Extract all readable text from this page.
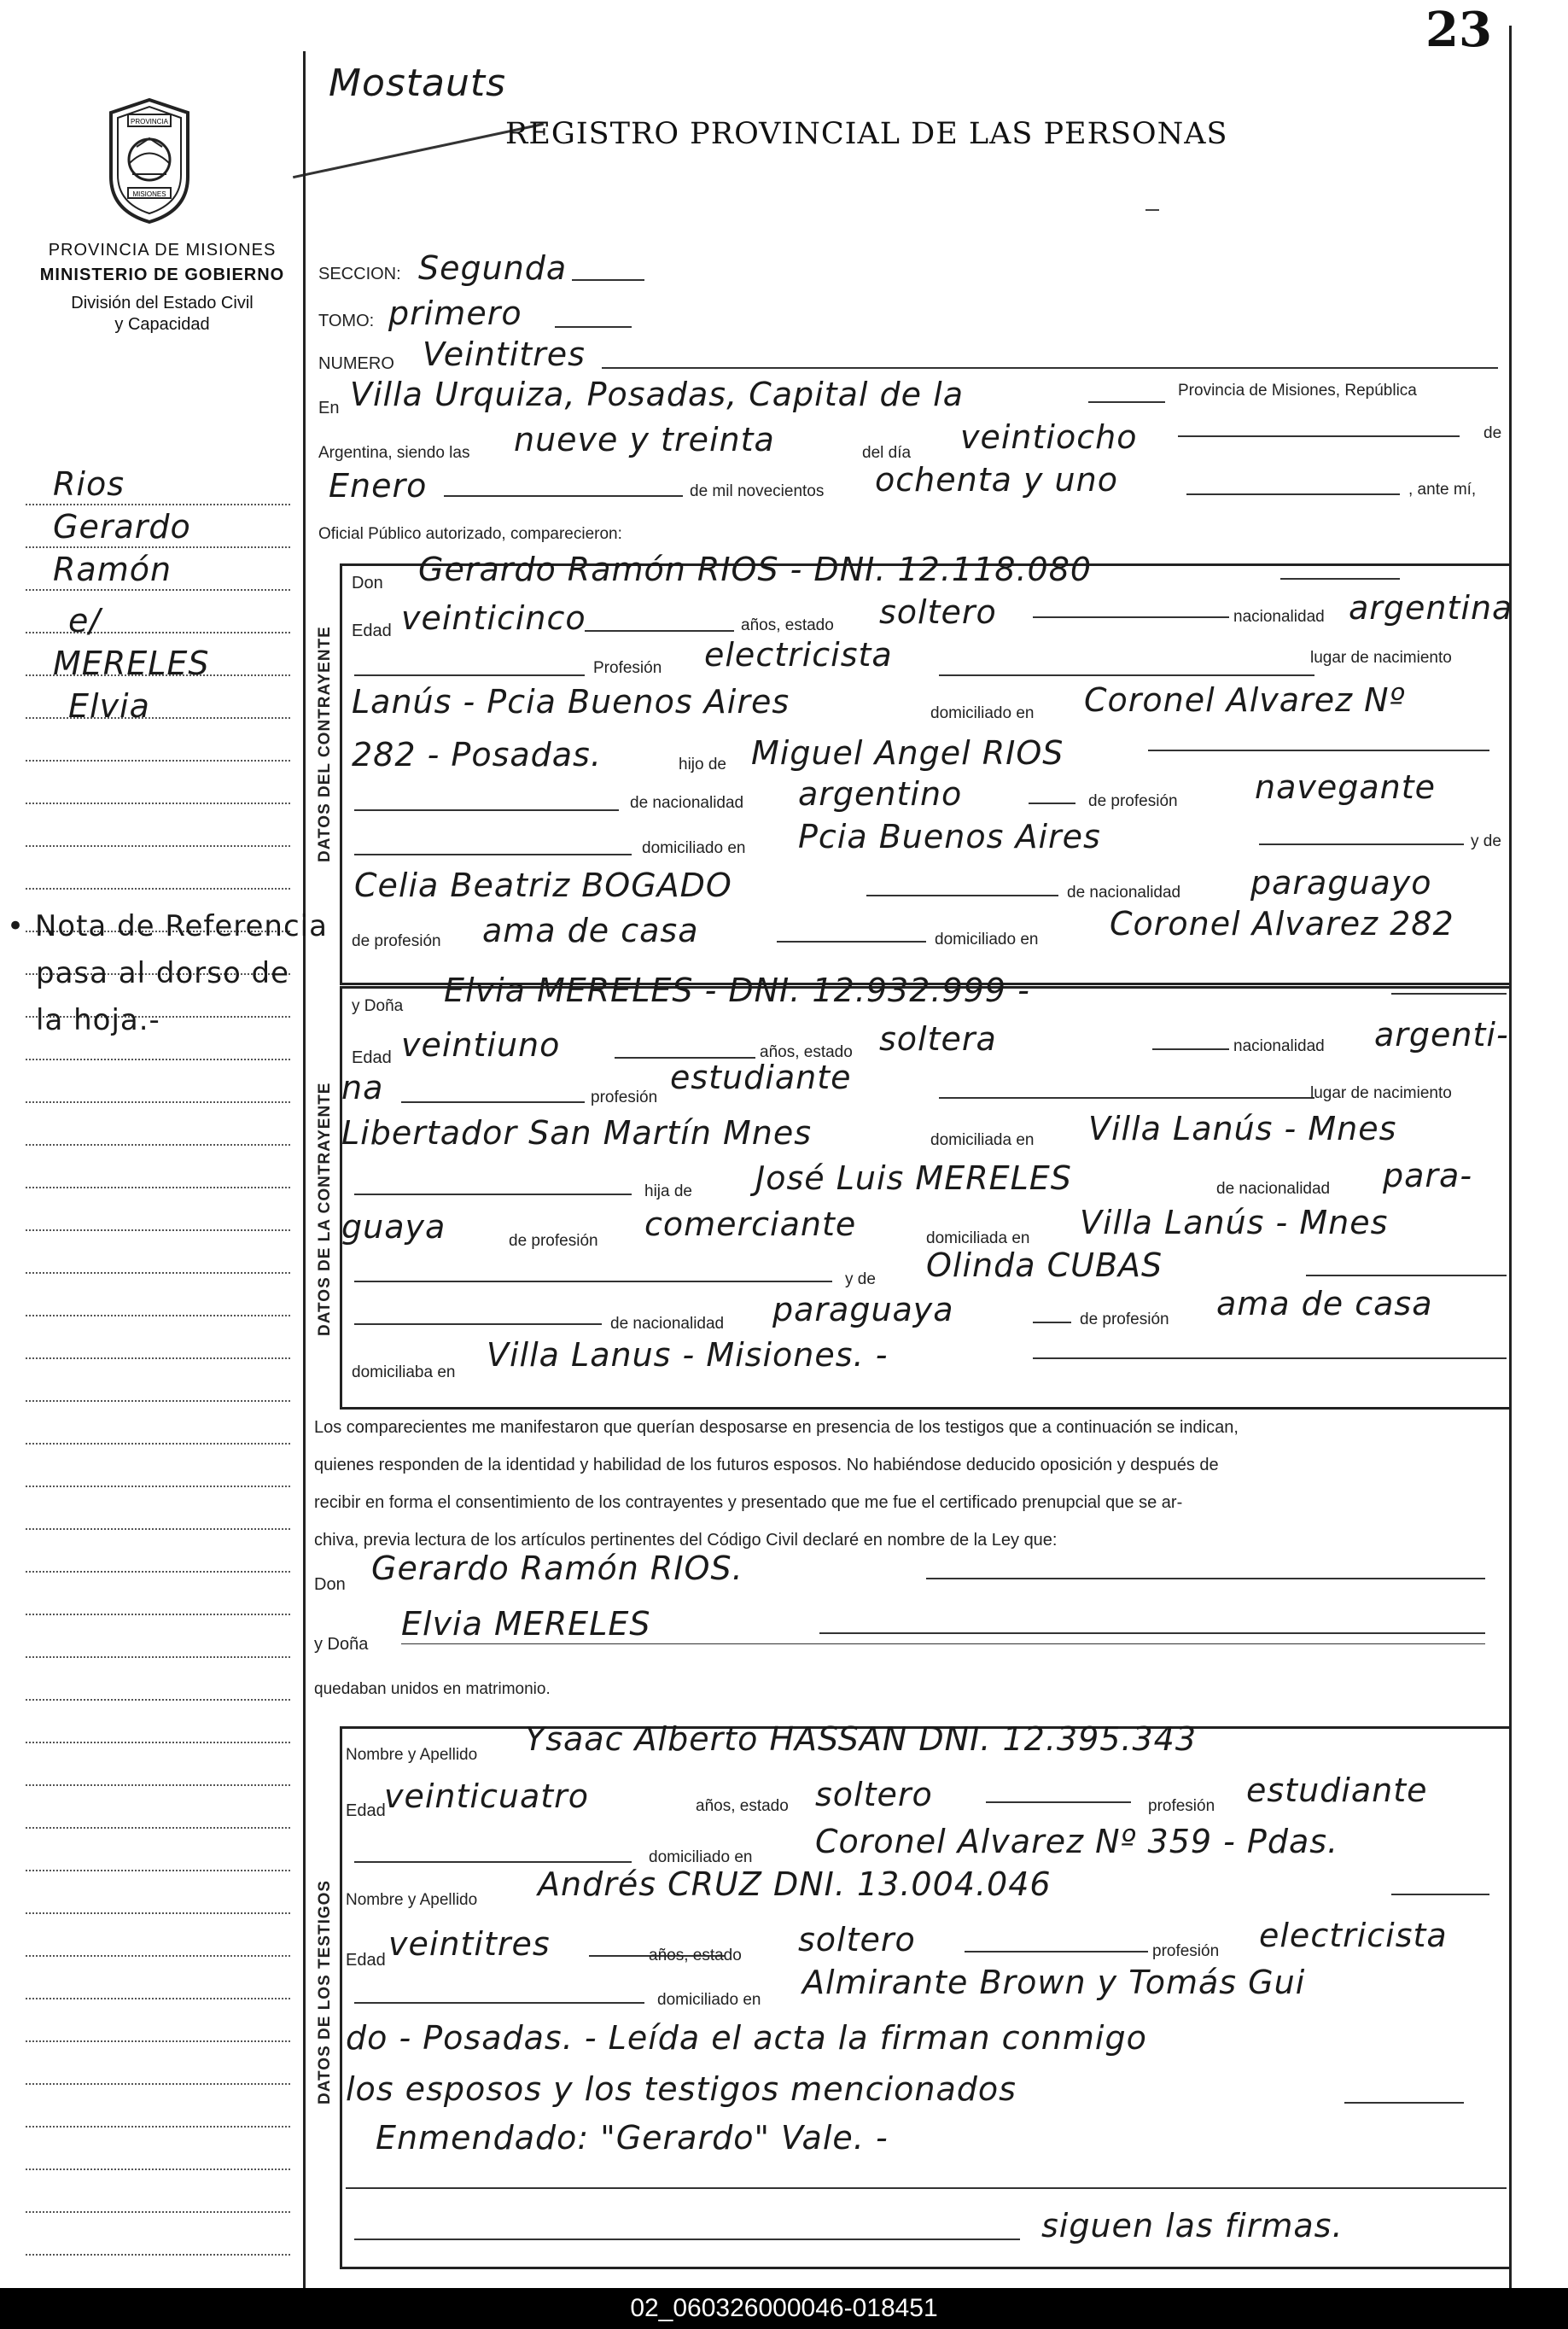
23
Mostauts
REGISTRO PROVINCIAL DE LAS PERSONAS
PROVINCIA
MISIONES
PROVINCIA DE MISIONES
MINISTERIO DE GOBIERNO
División del Estado Civil
y Capacidad
Rios
Gerardo
Ramón
e/
MERELES
Elvia
• Nota de Referencia
pasa al dorso de
la hoja.-
SECCION: Segunda
TOMO: primero
NUMERO Veintitres
En Villa Urquiza, Posadas, Capital de la	Provincia de Misiones, República
Argentina, siendo las nueve y treinta	del día veintiocho	de
Enero	de mil novecientos ochenta y uno	, ante mí,
Oficial Público autorizado, comparecieron:
DATOS DEL CONTRAYENTE
Don Gerardo Ramón RIOS - DNI. 12.118.080
Edad veinticinco	años, estado soltero	nacionalidad argentina
Profesión electricista	lugar de nacimiento
Lanús - Pcia Buenos Aires	domiciliado en Coronel Alvarez Nº
282 - Posadas.	hijo de Miguel Angel RIOS
de nacionalidad argentino	de profesión navegante
domiciliado en Pcia Buenos Aires	y de
Celia Beatriz BOGADO	de nacionalidad paraguayo
de profesión ama de casa	domiciliado en Coronel Alvarez 282
DATOS DE LA CONTRAYENTE
y Doña Elvia MERELES - DNI. 12.932.999 -
Edad veintiuno	años, estado soltera	nacionalidad argenti-
na	profesión
estudiante	lugar de nacimiento
Libertador San Martín Mnes	domiciliada en Villa Lanús - Mnes
hija de José Luis MERELES	de nacionalidad para-
guaya	de profesión comerciante	domiciliada en Villa Lanús - Mnes
y de Olinda CUBAS
de nacionalidad paraguaya	de profesión ama de casa
domiciliaba en Villa Lanus - Misiones. -
Los comparecientes me manifestaron que querían desposarse en presencia de los testigos que a continuación se indican,
quienes responden de la identidad y habilidad de los futuros esposos. No habiéndose deducido oposición y después de
recibir en forma el consentimiento de los contrayentes y presentado que me fue el certificado prenupcial que se ar-
chiva, previa lectura de los artículos pertinentes del Código Civil declaré en nombre de la Ley que:
Don Gerardo Ramón RIOS.
y Doña
Elvia MERELES
quedaban unidos en matrimonio.
DATOS DE LOS TESTIGOS
Nombre y Apellido Ysaac Alberto HASSAN DNI. 12.395.343
Edad
veinticuatro	años, estado soltero	profesión estudiante
domiciliado en Coronel Alvarez Nº 359 - Pdas.
Nombre y Apellido Andrés CRUZ DNI. 13.004.046
Edad veintitres	años, estado soltero	profesión electricista
domiciliado en Almirante Brown y Tomás Gui
do - Posadas. - Leída el acta la firman conmigo
los esposos y los testigos mencionados
Enmendado: "Gerardo" Vale. -
siguen las firmas.
02_060326000046-018451
